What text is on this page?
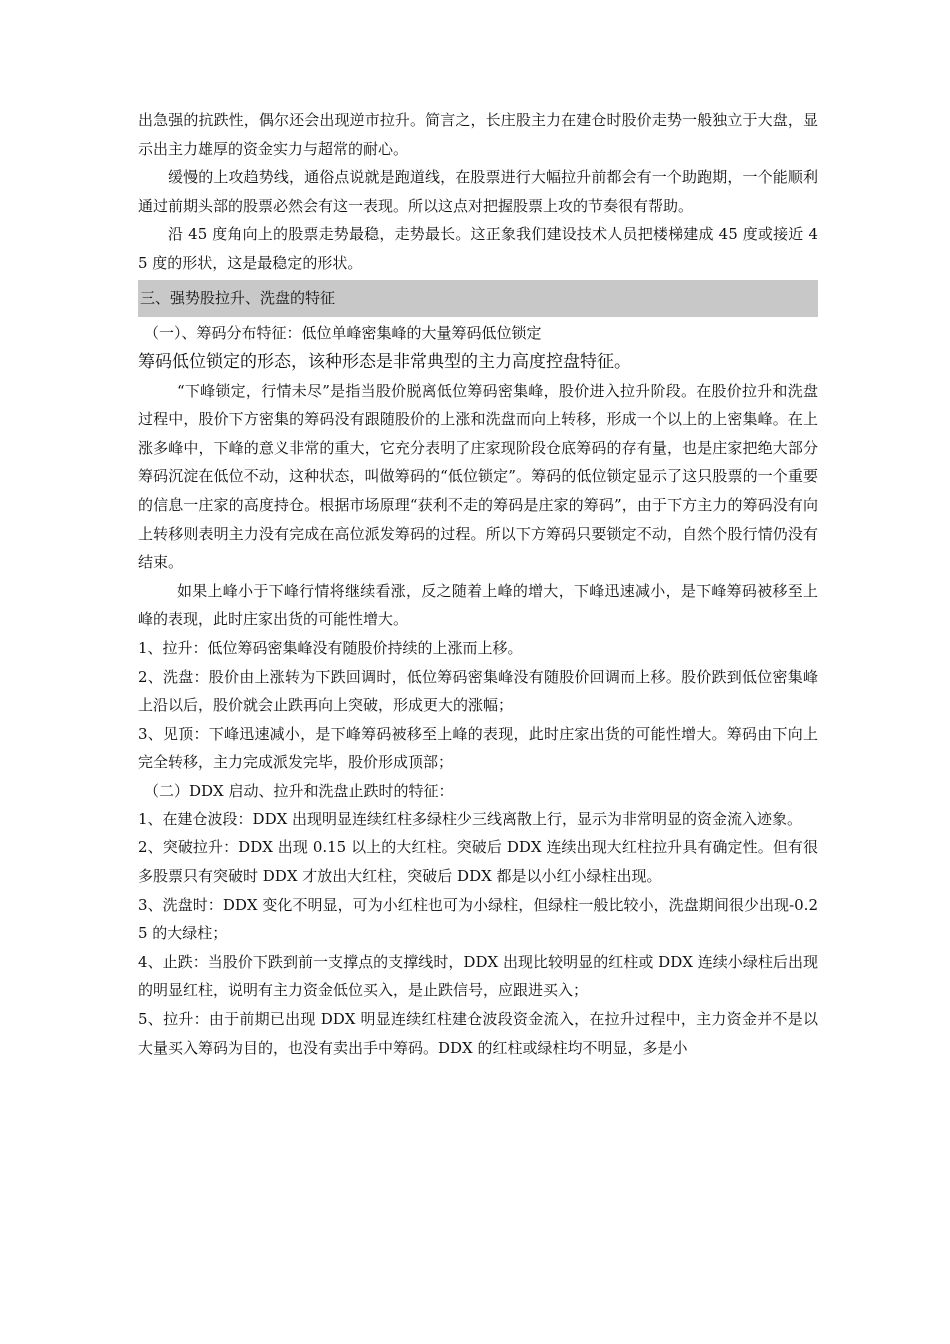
出急强的抗跌性，偶尔还会出现逆市拉升。简言之，长庄股主力在建仓时股价走势一般独立于大盘，显示出主力雄厚的资金实力与超常的耐心。

缓慢的上攻趋势线，通俗点说就是跑道线，在股票进行大幅拉升前都会有一个助跑期，一个能顺利通过前期头部的股票必然会有这一表现。所以这点对把握股票上攻的节奏很有帮助。

沿 45 度角向上的股票走势最稳，走势最长。这正象我们建设技术人员把楼梯建成 45 度或接近 45 度的形状，这是最稳定的形状。

三、强势股拉升、洗盘的特征

（一）、筹码分布特征：低位单峰密集峰的大量筹码低位锁定

筹码低位锁定的形态，该种形态是非常典型的主力高度控盘特征。

“下峰锁定，行情未尽”是指当股价脱离低位筹码密集峰，股价进入拉升阶段。在股价拉升和洗盘过程中，股价下方密集的筹码没有跟随股价的上涨和洗盘而向上转移，形成一个以上的上密集峰。在上涨多峰中，下峰的意义非常的重大，它充分表明了庄家现阶段仓底筹码的存有量，也是庄家把绝大部分筹码沉淀在低位不动，这种状态，叫做筹码的“低位锁定”。筹码的低位锁定显示了这只股票的一个重要的信息一庄家的高度持仓。根据市场原理“获利不走的筹码是庄家的筹码”，由于下方主力的筹码没有向上转移则表明主力没有完成在高位派发筹码的过程。所以下方筹码只要锁定不动，自然个股行情仍没有结束。

如果上峰小于下峰行情将继续看涨，反之随着上峰的增大，下峰迅速减小，是下峰筹码被移至上峰的表现，此时庄家出货的可能性增大。

1、拉升：低位筹码密集峰没有随股价持续的上涨而上移。

2、洗盘：股价由上涨转为下跌回调时，低位筹码密集峰没有随股价回调而上移。股价跌到低位密集峰上沿以后，股价就会止跌再向上突破，形成更大的涨幅；

3、见顶：下峰迅速减小，是下峰筹码被移至上峰的表现，此时庄家出货的可能性增大。筹码由下向上完全转移，主力完成派发完毕，股价形成顶部；

（二）DDX 启动、拉升和洗盘止跌时的特征：

1、在建仓波段：DDX 出现明显连续红柱多绿柱少三线离散上行，显示为非常明显的资金流入迹象。

2、突破拉升：DDX 出现 0.15 以上的大红柱。突破后 DDX 连续出现大红柱拉升具有确定性。但有很多股票只有突破时 DDX 才放出大红柱，突破后 DDX 都是以小红小绿柱出现。

3、洗盘时：DDX 变化不明显，可为小红柱也可为小绿柱，但绿柱一般比较小，洗盘期间很少出现-0.25 的大绿柱；

4、止跌：当股价下跌到前一支撑点的支撑线时，DDX 出现比较明显的红柱或 DDX 连续小绿柱后出现的明显红柱，说明有主力资金低位买入，是止跌信号，应跟进买入；

5、拉升：由于前期已出现 DDX 明显连续红柱建仓波段资金流入，在拉升过程中，主力资金并不是以大量买入筹码为目的，也没有卖出手中筹码。DDX 的红柱或绿柱均不明显，多是小
